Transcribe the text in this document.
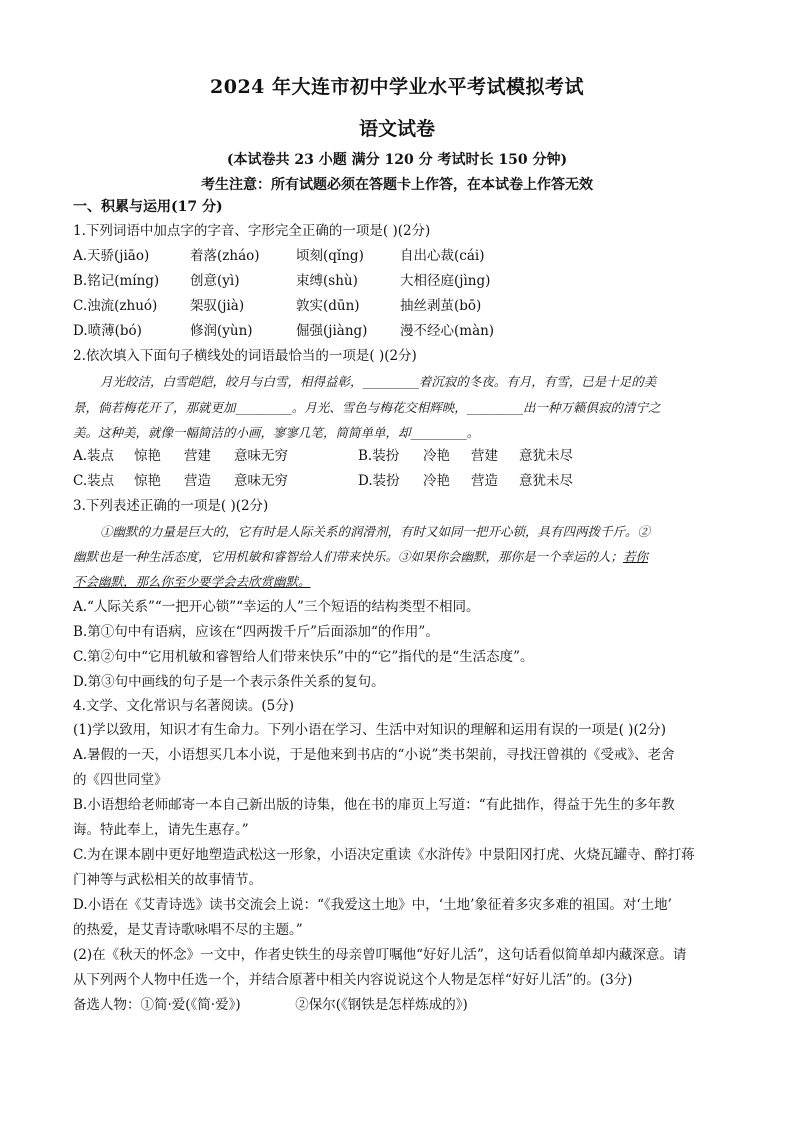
2024 年大连市初中学业水平考试模拟考试
语文试卷
(本试卷共 23 小题 满分 120 分 考试时长 150 分钟)
考生注意：所有试题必须在答题卡上作答，在本试卷上作答无效
一、积累与运用(17 分)
1.下列词语中加点字的字音、字形完全正确的一项是( )(2分)
A.天骄(jiāo)	着落(zháo)	顷刻(qǐng)	自出心裁(cái)
B.铭记(míng) 创意(yì)	束缚(shù)	大相径庭(jìng)
C.浊流(zhuó) 架驭(jià)	敦实(dūn)	抽丝剥茧(bō)
D.喷薄(bó)	修润(yùn)	倔强(jiàng) 漫不经心(màn)
2.依次填入下面句子横线处的词语最恰当的一项是( )(2分)
月光皎洁，白雪皑皑，皎月与白雪，相得益彰，_________着沉寂的冬夜。有月，有雪，已是十足的美
景，倘若梅花开了，那就更加_________。月光、雪色与梅花交相辉映，_________出一种万籁俱寂的清宁之
美。这种美，就像一幅简洁的小画，寥寥几笔，简简单单，却_________。
A.装点 惊艳 营建 意味无穷	B.装扮 冷艳 营建 意犹未尽
C.装点 惊艳 营造 意味无穷	D.装扮 冷艳 营造 意犹未尽
3.下列表述正确的一项是( )(2分)
①幽默的力量是巨大的，它有时是人际关系的润滑剂，有时又如同一把开心锁，具有四两拨千斤。②
幽默也是一种生活态度，它用机敏和睿智给人们带来快乐。③如果你会幽默，那你是一个幸运的人；若你
不会幽默，那么你至少要学会去欣赏幽默。
A.“人际关系”“一把开心锁”“幸运的人”三个短语的结构类型不相同。
B.第①句中有语病，应该在“四两拨千斤”后面添加“的作用”。
C.第②句中“它用机敏和睿智给人们带来快乐”中的“它”指代的是“生活态度”。
D.第③句中画线的句子是一个表示条件关系的复句。
4.文学、文化常识与名著阅读。(5分)
(1)学以致用，知识才有生命力。下列小语在学习、生活中对知识的理解和运用有误的一项是( )(2分)
A.暑假的一天，小语想买几本小说，于是他来到书店的“小说”类书架前，寻找汪曾祺的《受戒》、老舍
的《四世同堂》
B.小语想给老师邮寄一本自己新出版的诗集，他在书的扉页上写道：“有此拙作，得益于先生的多年教
诲。特此奉上，请先生惠存。”
C.为在课本剧中更好地塑造武松这一形象，小语决定重读《水浒传》中景阳冈打虎、火烧瓦罐寺、醉打蒋
门神等与武松相关的故事情节。
D.小语在《艾青诗选》读书交流会上说：“《我爱这土地》中，‘土地’象征着多灾多难的祖国。对‘土地’
的热爱，是艾青诗歌咏唱不尽的主题。”
(2)在《秋天的怀念》一文中，作者史铁生的母亲曾叮嘱他“好好儿活”，这句话看似简单却内藏深意。请
从下列两个人物中任选一个，并结合原著中相关内容说说这个人物是怎样“好好儿活”的。(3分)
备选人物：①简·爱(《简·爱》)	②保尔(《钢铁是怎样炼成的》)
